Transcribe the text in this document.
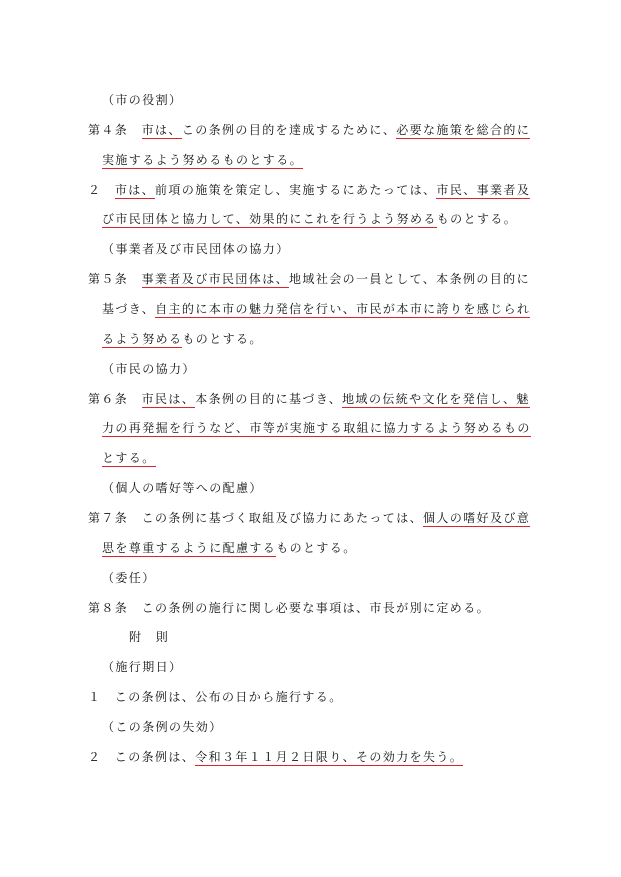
（市の役割）
第４条　市は、この条例の目的を達成するために、必要な施策を総合的に
実施するよう努めるものとする。
２　市は、前項の施策を策定し、実施するにあたっては、市民、事業者及
び市民団体と協力して、効果的にこれを行うよう努めるものとする。
（事業者及び市民団体の協力）
第５条　事業者及び市民団体は、地域社会の一員として、本条例の目的に
基づき、自主的に本市の魅力発信を行い、市民が本市に誇りを感じられ
るよう努めるものとする。
（市民の協力）
第６条　市民は、本条例の目的に基づき、地域の伝統や文化を発信し、魅
力の再発掘を行うなど、市等が実施する取組に協力するよう努めるもの
とする。
（個人の嗜好等への配慮）
第７条　この条例に基づく取組及び協力にあたっては、個人の嗜好及び意
思を尊重するように配慮するものとする。
（委任）
第８条　この条例の施行に関し必要な事項は、市長が別に定める。
附　則
（施行期日）
１　この条例は、公布の日から施行する。
（この条例の失効）
２　この条例は、令和３年１１月２日限り、その効力を失う。
